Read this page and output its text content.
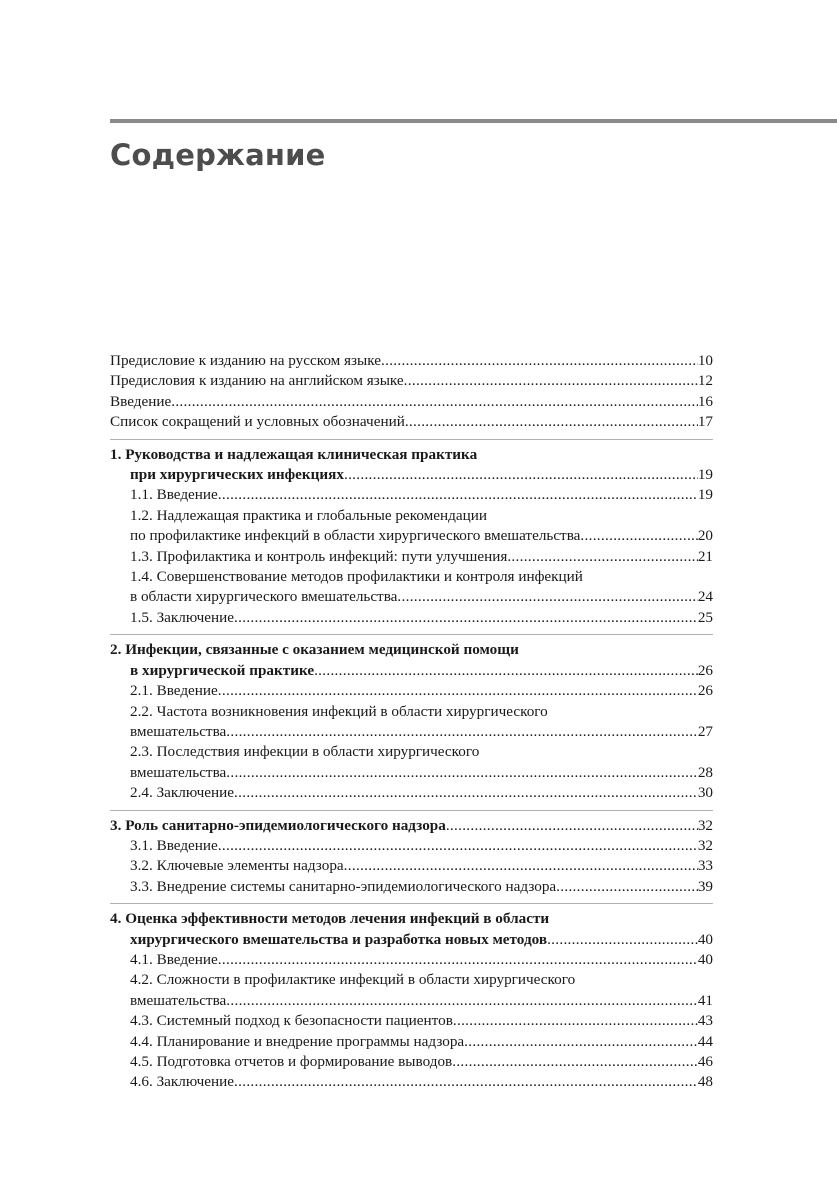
Содержание
Предисловие к изданию на русском языке .....	10
Предисловия к изданию на английском языке .....	12
Введение .....	16
Список сокращений и условных обозначений .....	17
1. Руководства и надлежащая клиническая практика
при хирургических инфекциях .....	19
1.1. Введение .....	19
1.2. Надлежащая практика и глобальные рекомендации
по профилактике инфекций в области хирургического вмешательства .....	20
1.3. Профилактика и контроль инфекций: пути улучшения .....	21
1.4. Совершенствование методов профилактики и контроля инфекций
в области хирургического вмешательства .....	24
1.5. Заключение .....	25
2. Инфекции, связанные с оказанием медицинской помощи
в хирургической практике .....	26
2.1. Введение .....	26
2.2. Частота возникновения инфекций в области хирургического
вмешательства .....	27
2.3. Последствия инфекции в области хирургического
вмешательства .....	28
2.4. Заключение .....	30
3. Роль санитарно-эпидемиологического надзора .....	32
3.1. Введение .....	32
3.2. Ключевые элементы надзора .....	33
3.3. Внедрение системы санитарно-эпидемиологического надзора .....	39
4. Оценка эффективности методов лечения инфекций в области
хирургического вмешательства и разработка новых методов .....	40
4.1. Введение .....	40
4.2. Сложности в профилактике инфекций в области хирургического
вмешательства .....	41
4.3. Системный подход к безопасности пациентов .....	43
4.4. Планирование и внедрение программы надзора .....	44
4.5. Подготовка отчетов и формирование выводов .....	46
4.6. Заключение .....	48
